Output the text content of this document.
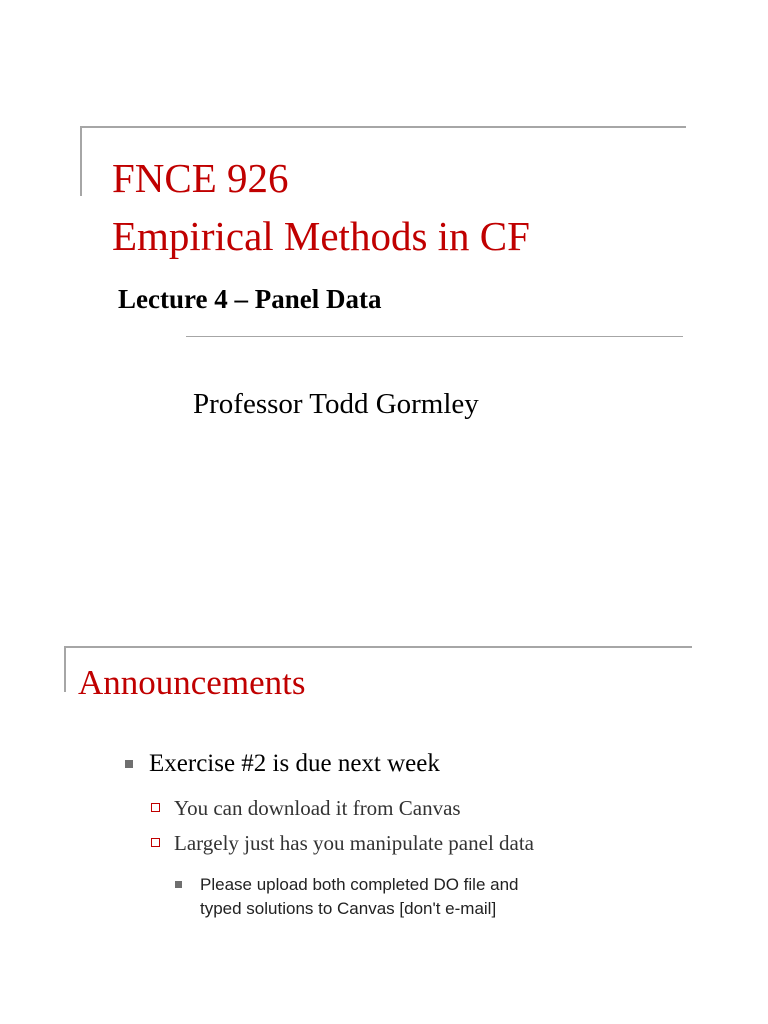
FNCE 926
Empirical Methods in CF
Lecture 4 – Panel Data
Professor Todd Gormley
Announcements
Exercise #2 is due next week
You can download it from Canvas
Largely just has you manipulate panel data
Please upload both completed DO file and
typed solutions to Canvas [don't e-mail]
